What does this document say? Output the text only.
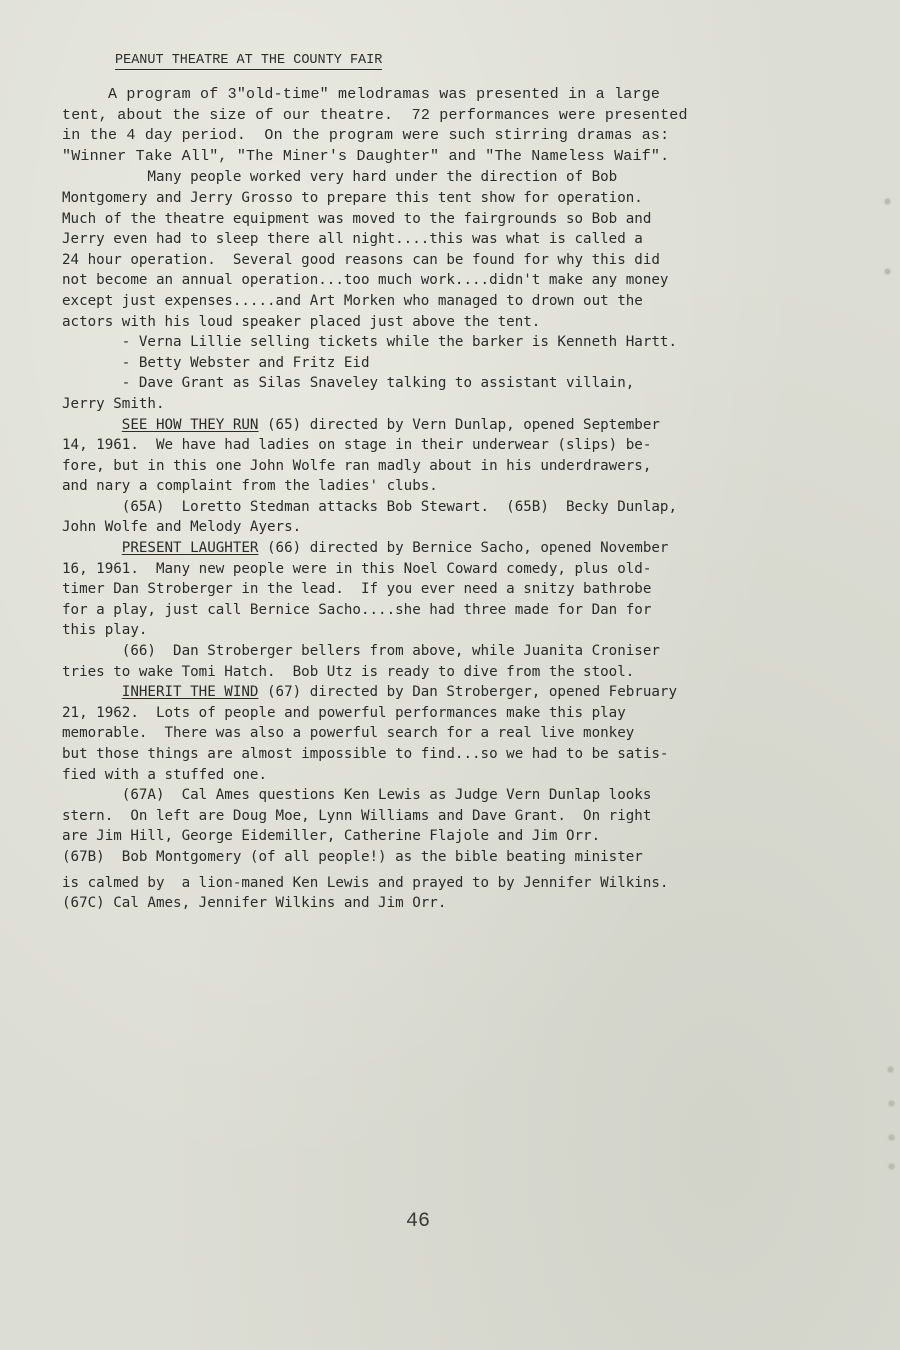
PEANUT THEATRE AT THE COUNTY FAIR
A program of 3"old-time" melodramas was presented in a large
tent, about the size of our theatre.  72 performances were presented
in the 4 day period.  On the program were such stirring dramas as:
"Winner Take All", "The Miner's Daughter" and "The Nameless Waif".
Many people worked very hard under the direction of Bob
Montgomery and Jerry Grosso to prepare this tent show for operation.
Much of the theatre equipment was moved to the fairgrounds so Bob and
Jerry even had to sleep there all night....this was what is called a
24 hour operation.  Several good reasons can be found for why this did
not become an annual operation...too much work....didn't make any money
except just expenses.....and Art Morken who managed to drown out the
actors with his loud speaker placed just above the tent.
- Verna Lillie selling tickets while the barker is Kenneth Hartt.
- Betty Webster and Fritz Eid
- Dave Grant as Silas Snaveley talking to assistant villain,
Jerry Smith.
SEE HOW THEY RUN (65) directed by Vern Dunlap, opened September
14, 1961.  We have had ladies on stage in their underwear (slips) be-
fore, but in this one John Wolfe ran madly about in his underdrawers,
and nary a complaint from the ladies' clubs.
(65A)  Loretto Stedman attacks Bob Stewart.  (65B)  Becky Dunlap,
John Wolfe and Melody Ayers.
PRESENT LAUGHTER (66) directed by Bernice Sacho, opened November
16, 1961.  Many new people were in this Noel Coward comedy, plus old-
timer Dan Stroberger in the lead.  If you ever need a snitzy bathrobe
for a play, just call Bernice Sacho....she had three made for Dan for
this play.
(66)  Dan Stroberger bellers from above, while Juanita Croniser
tries to wake Tomi Hatch.  Bob Utz is ready to dive from the stool.
INHERIT THE WIND (67) directed by Dan Stroberger, opened February
21, 1962.  Lots of people and powerful performances make this play
memorable.  There was also a powerful search for a real live monkey
but those things are almost impossible to find...so we had to be satis-
fied with a stuffed one.
(67A)  Cal Ames questions Ken Lewis as Judge Vern Dunlap looks
stern.  On left are Doug Moe, Lynn Williams and Dave Grant.  On right
are Jim Hill, George Eidemiller, Catherine Flajole and Jim Orr.
(67B)  Bob Montgomery (of all people!) as the bible beating minister
is calmed by  a lion-maned Ken Lewis and prayed to by Jennifer Wilkins.
(67C) Cal Ames, Jennifer Wilkins and Jim Orr.
46
